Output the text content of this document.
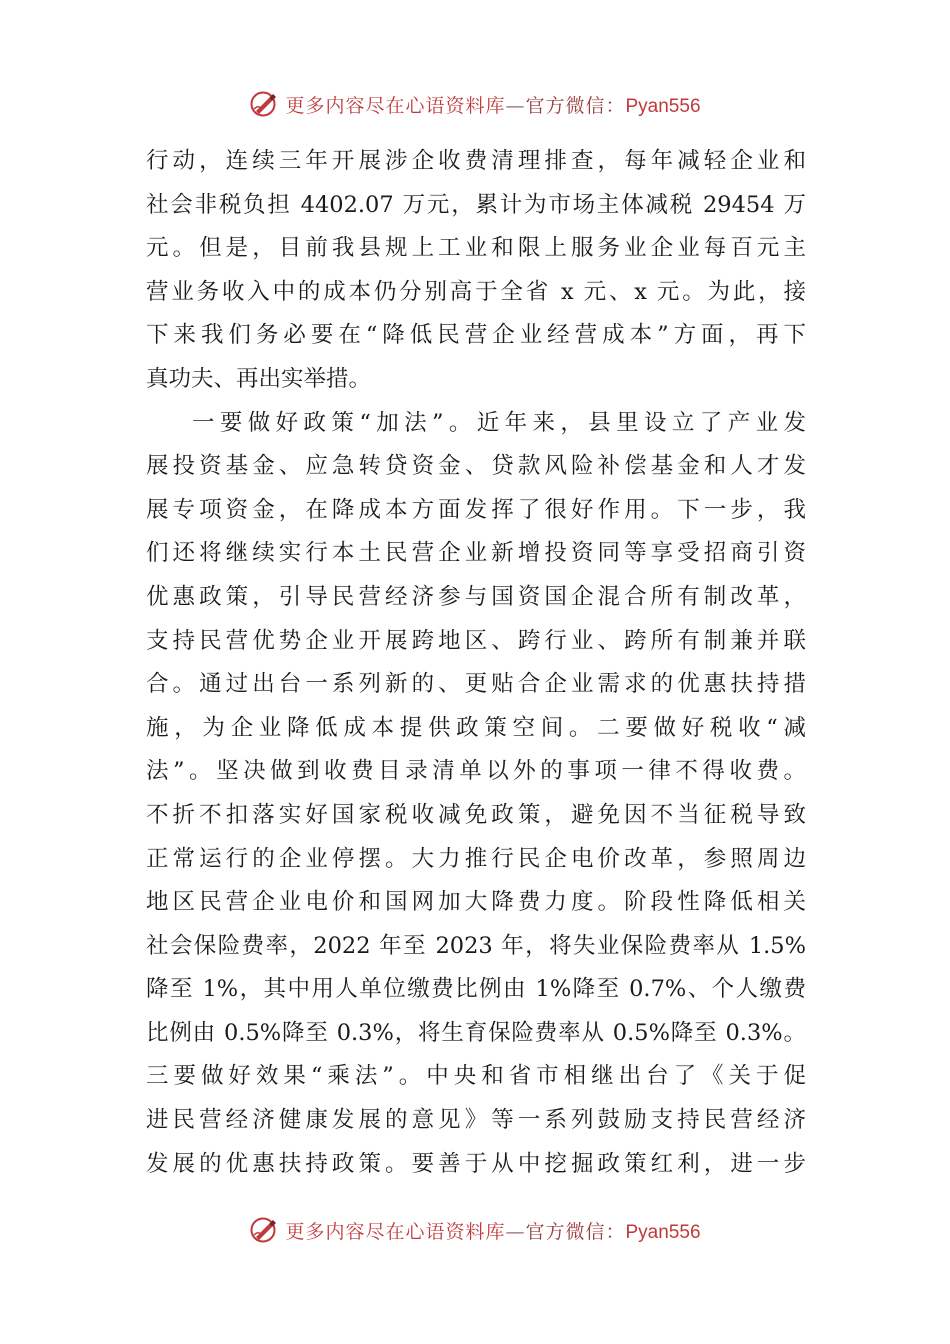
更多内容尽在心语资料库—官方微信：Pyan556
行动，连续三年开展涉企收费清理排查，每年减轻企业和
社会非税负担 4402.07 万元，累计为市场主体减税 29454 万
元。但是，目前我县规上工业和限上服务业企业每百元主
营业务收入中的成本仍分别高于全省 x 元、x 元。为此，接
下来我们务必要在“降低民营企业经营成本”方面，再下
真功夫、再出实举措。
一要做好政策“加法”。近年来，县里设立了产业发
展投资基金、应急转贷资金、贷款风险补偿基金和人才发
展专项资金，在降成本方面发挥了很好作用。下一步，我
们还将继续实行本土民营企业新增投资同等享受招商引资
优惠政策，引导民营经济参与国资国企混合所有制改革，
支持民营优势企业开展跨地区、跨行业、跨所有制兼并联
合。通过出台一系列新的、更贴合企业需求的优惠扶持措
施，为企业降低成本提供政策空间。二要做好税收“减
法”。坚决做到收费目录清单以外的事项一律不得收费。
不折不扣落实好国家税收减免政策，避免因不当征税导致
正常运行的企业停摆。大力推行民企电价改革，参照周边
地区民营企业电价和国网加大降费力度。阶段性降低相关
社会保险费率，2022 年至 2023 年，将失业保险费率从 1.5%
降至 1%，其中用人单位缴费比例由 1%降至 0.7%、个人缴费
比例由 0.5%降至 0.3%，将生育保险费率从 0.5%降至 0.3%。
三要做好效果“乘法”。中央和省市相继出台了《关于促
进民营经济健康发展的意见》等一系列鼓励支持民营经济
发展的优惠扶持政策。要善于从中挖掘政策红利，进一步
更多内容尽在心语资料库—官方微信：Pyan556
